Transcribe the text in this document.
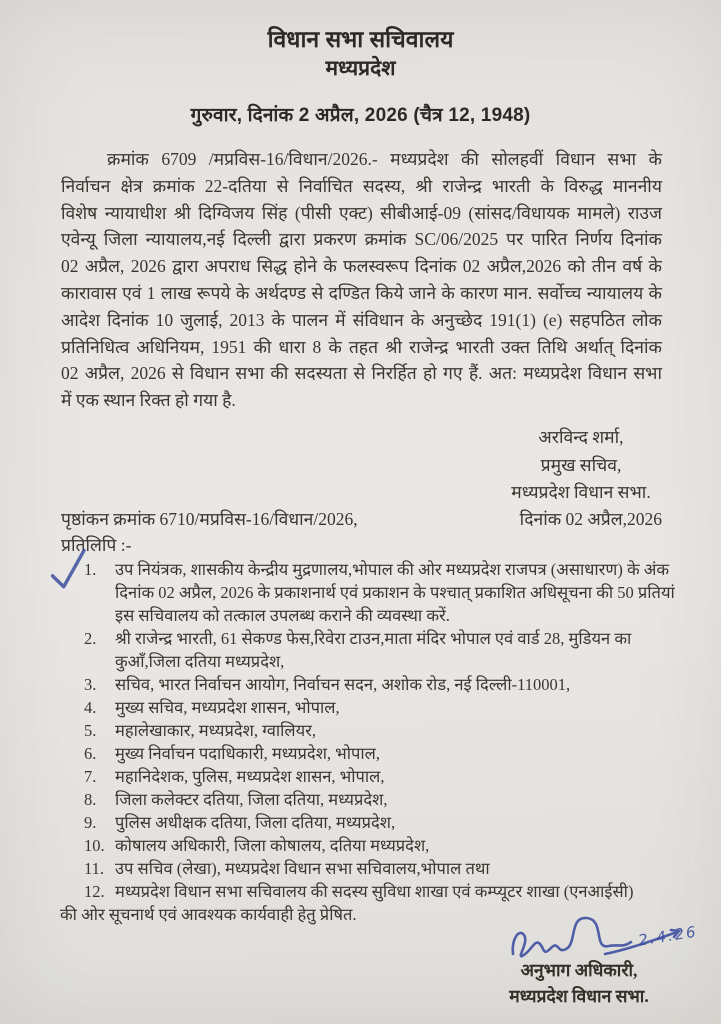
विधान सभा सचिवालय
मध्यप्रदेश
गुरुवार, दिनांक 2 अप्रैल, 2026 (चैत्र 12, 1948)
क्रमांक 6709 /मप्रविस-16/विधान/2026.- मध्यप्रदेश की सोलहवीं विधान सभा के
निर्वाचन क्षेत्र क्रमांक 22-दतिया से निर्वाचित सदस्य, श्री राजेन्द्र भारती के विरुद्ध माननीय
विशेष न्यायाधीश श्री दिग्विजय सिंह (पीसी एक्ट) सीबीआई-09 (सांसद/विधायक मामले) राउज
एवेन्यू जिला न्यायालय,नई दिल्ली द्वारा प्रकरण क्रमांक SC/06/2025 पर पारित निर्णय दिनांक
02 अप्रैल, 2026 द्वारा अपराध सिद्ध होने के फलस्वरूप दिनांक 02 अप्रैल,2026 को तीन वर्ष के
कारावास एवं 1 लाख रूपये के अर्थदण्ड से दण्डित किये जाने के कारण मान. सर्वोच्च न्यायालय के
आदेश दिनांक 10 जुलाई, 2013 के पालन में संविधान के अनुच्छेद 191(1) (e) सहपठित लोक
प्रतिनिधित्व अधिनियम, 1951 की धारा 8 के तहत श्री राजेन्द्र भारती उक्त तिथि अर्थात् दिनांक
02 अप्रैल, 2026 से विधान सभा की सदस्यता से निरर्हित हो गए हैं. अत: मध्यप्रदेश विधान सभा
में एक स्थान रिक्त हो गया है.
अरविन्द शर्मा,
प्रमुख सचिव,
मध्यप्रदेश विधान सभा.
पृष्ठांकन क्रमांक 6710/मप्रविस-16/विधान/2026,	दिनांक 02 अप्रैल,2026
प्रतिलिपि :-
1.	उप नियंत्रक, शासकीय केन्द्रीय मुद्रणालय,भोपाल की ओर मध्यप्रदेश राजपत्र (असाधारण) के अंक दिनांक 02 अप्रैल, 2026 के प्रकाशनार्थ एवं प्रकाशन के पश्चात् प्रकाशित अधिसूचना की 50 प्रतियां इस सचिवालय को तत्काल उपलब्ध कराने की व्यवस्था करें.
2.	श्री राजेन्द्र भारती, 61 सेकण्ड फेस,रिवेरा टाउन,माता मंदिर भोपाल एवं वार्ड 28, मुडियन का कुऑं,जिला दतिया मध्यप्रदेश,
3.	सचिव, भारत निर्वाचन आयोग, निर्वाचन सदन, अशोक रोड, नई दिल्ली-110001,
4.	मुख्य सचिव, मध्यप्रदेश शासन, भोपाल,
5.	महालेखाकार, मध्यप्रदेश, ग्वालियर,
6.	मुख्य निर्वाचन पदाधिकारी, मध्यप्रदेश, भोपाल,
7.	महानिदेशक, पुलिस, मध्यप्रदेश शासन, भोपाल,
8.	जिला कलेक्टर दतिया, जिला दतिया, मध्यप्रदेश,
9.	पुलिस अधीक्षक दतिया, जिला दतिया, मध्यप्रदेश,
10. कोषालय अधिकारी, जिला कोषालय, दतिया मध्यप्रदेश,
11. उप सचिव (लेखा), मध्यप्रदेश विधान सभा सचिवालय,भोपाल तथा
12. मध्यप्रदेश विधान सभा सचिवालय की सदस्य सुविधा शाखा एवं कम्प्यूटर शाखा (एनआईसी)
की ओर सूचनार्थ एवं आवश्यक कार्यवाही हेतु प्रेषित.
2.4.26
अनुभाग अधिकारी,
मध्यप्रदेश विधान सभा.
